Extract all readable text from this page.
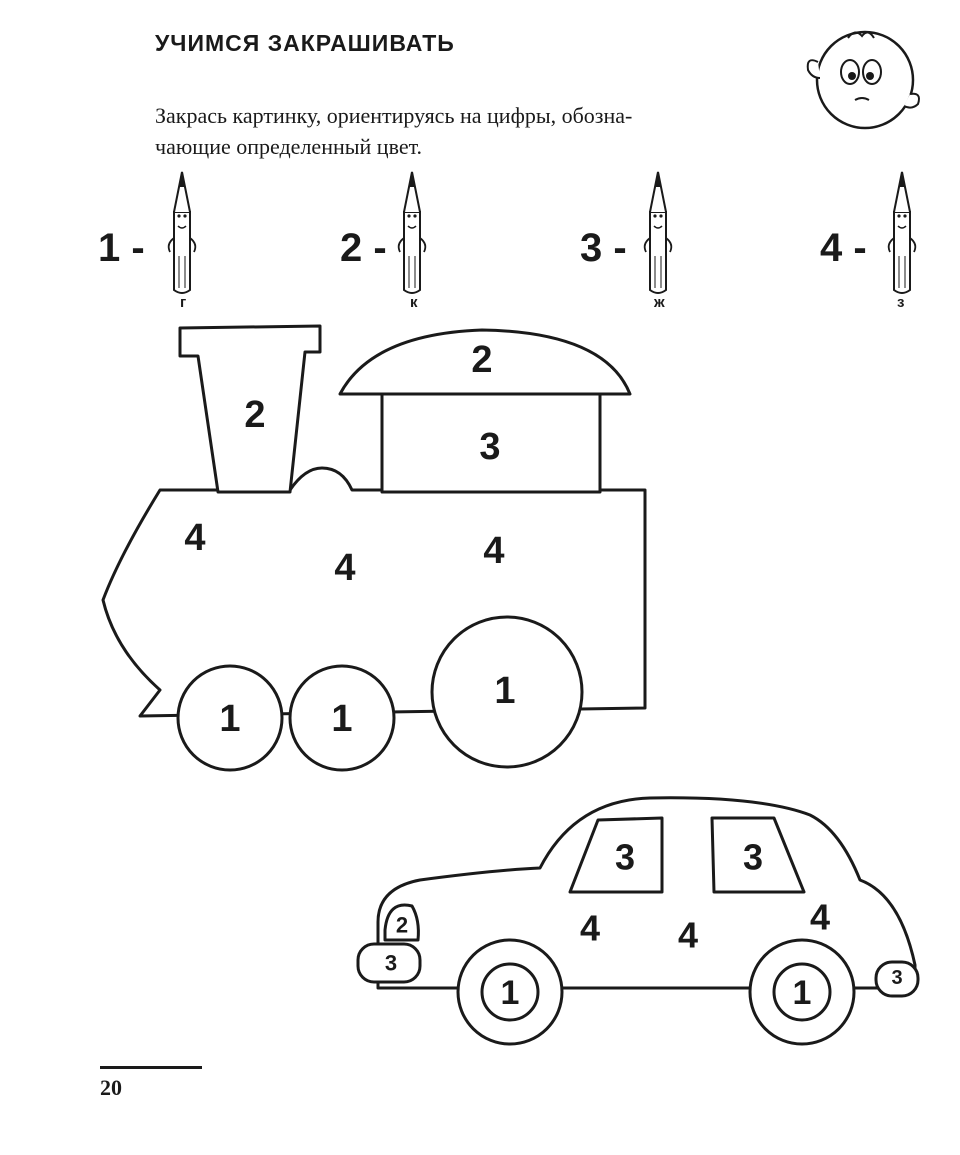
УЧИМСЯ ЗАКРАШИВАТЬ
Закрась картинку, ориентируясь на цифры, обозна-
чающие определенный цвет.
1 -	2 -	3 -	4 -
г	к	ж	з
2
2
3
4
4	4
1 1
1
3	3
2
3
3
4 4	4
1	1
20
